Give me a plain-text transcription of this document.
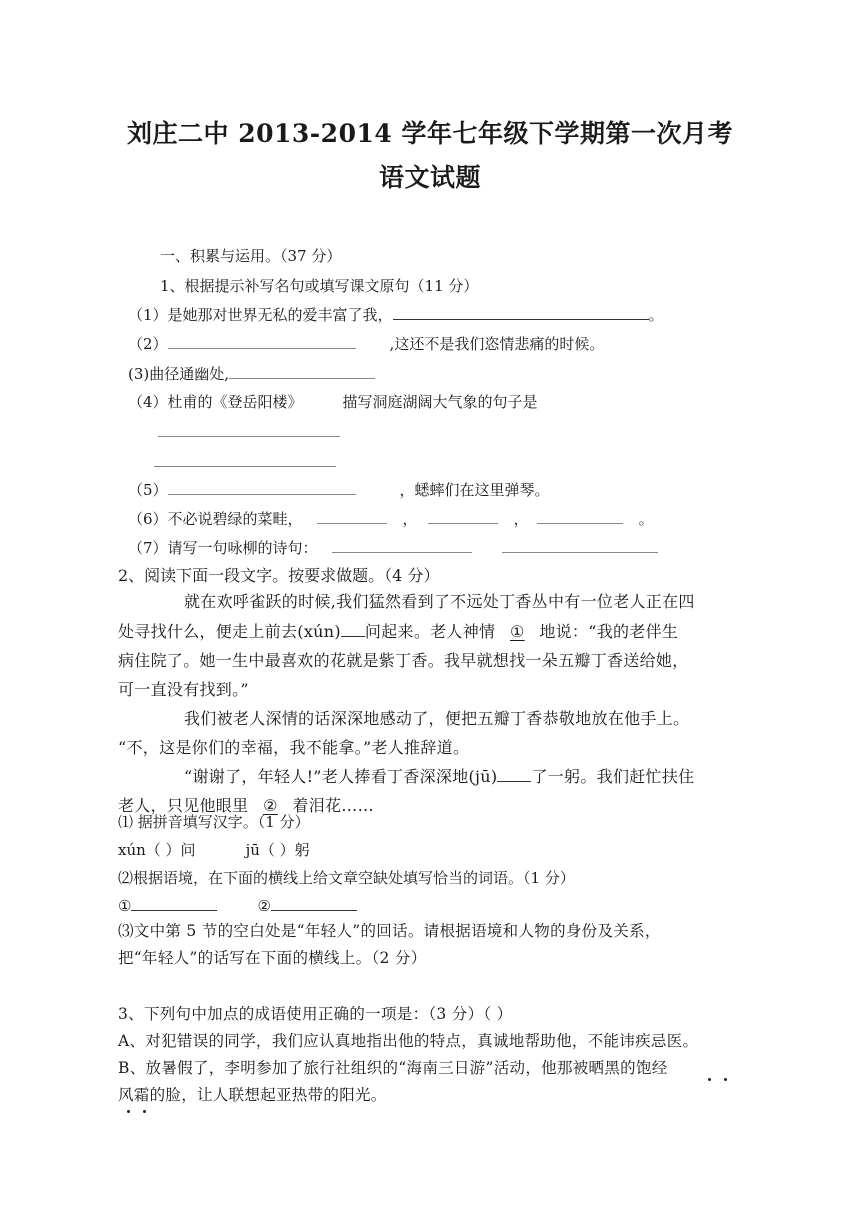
刘庄二中 2013-2014 学年七年级下学期第一次月考
语文试题
一、积累与运用。（37 分）
1、根据提示补写名句或填写课文原句（11 分）
（1）是她那对世界无私的爱丰富了我，	。
（2）	,这还不是我们恣情悲痛的时候。
(3)曲径通幽处,
（4）杜甫的《登岳阳楼》	描写洞庭湖阔大气象的句子是
（5）	，蟋蟀们在这里弹琴。
（6）不必说碧绿的菜畦，	，	，	。
（7）请写一句咏柳的诗句：
2、阅读下面一段文字。按要求做题。（4 分）
就在欢呼雀跃的时候,我们猛然看到了不远处丁香丛中有一位老人正在四
处寻找什么，便走上前去(xún) 问起来。老人神情 ① 地说：“我的老伴生
病住院了。她一生中最喜欢的花就是紫丁香。我早就想找一朵五瓣丁香送给她，
可一直没有找到。”
我们被老人深情的话深深地感动了，便把五瓣丁香恭敬地放在他手上。
“不，这是你们的幸福，我不能拿。”老人推辞道。
“谢谢了，年轻人!”老人捧看丁香深深地(jū) 了一躬。我们赶忙扶住
老人，只见他眼里 ② 着泪花……
⑴ 据拼音填写汉字。（1 分）
xún（ ）问	jū（ ）躬
⑵根据语境，在下面的横线上给文章空缺处填写恰当的词语。（1 分）
①	②
⑶文中第 5 节的空白处是“年轻人”的回话。请根据语境和人物的身份及关系，
把“年轻人”的话写在下面的横线上。（2 分）
3、下列句中加点的成语使用正确的一项是：（3 分）（ ）
A、对犯错误的同学，我们应认真地指出他的特点，真诚地帮助他，不能讳疾忌医。
B、放暑假了，李明参加了旅行社组织的“海南三日游”活动，他那被晒黑的饱经
风霜的脸，让人联想起亚热带的阳光。
